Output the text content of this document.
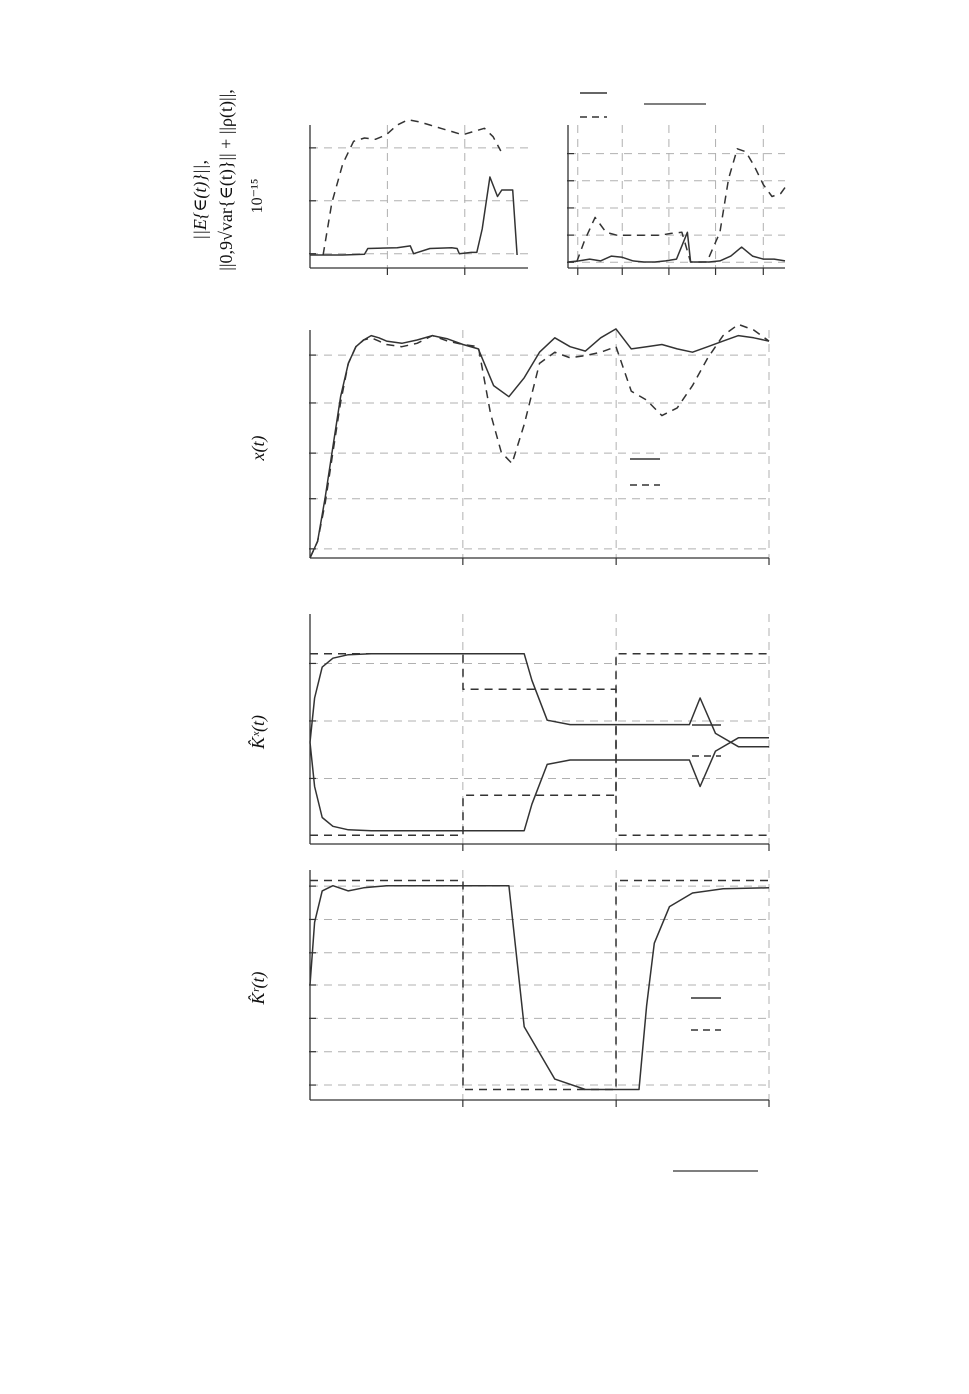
||E{∈(t)}||, ||0,9√var{∈(t)}|| + ||ρ(t)||, 10⁻¹⁵
x(t)
K̂ˣ(t)
K̂ʳ(t)
